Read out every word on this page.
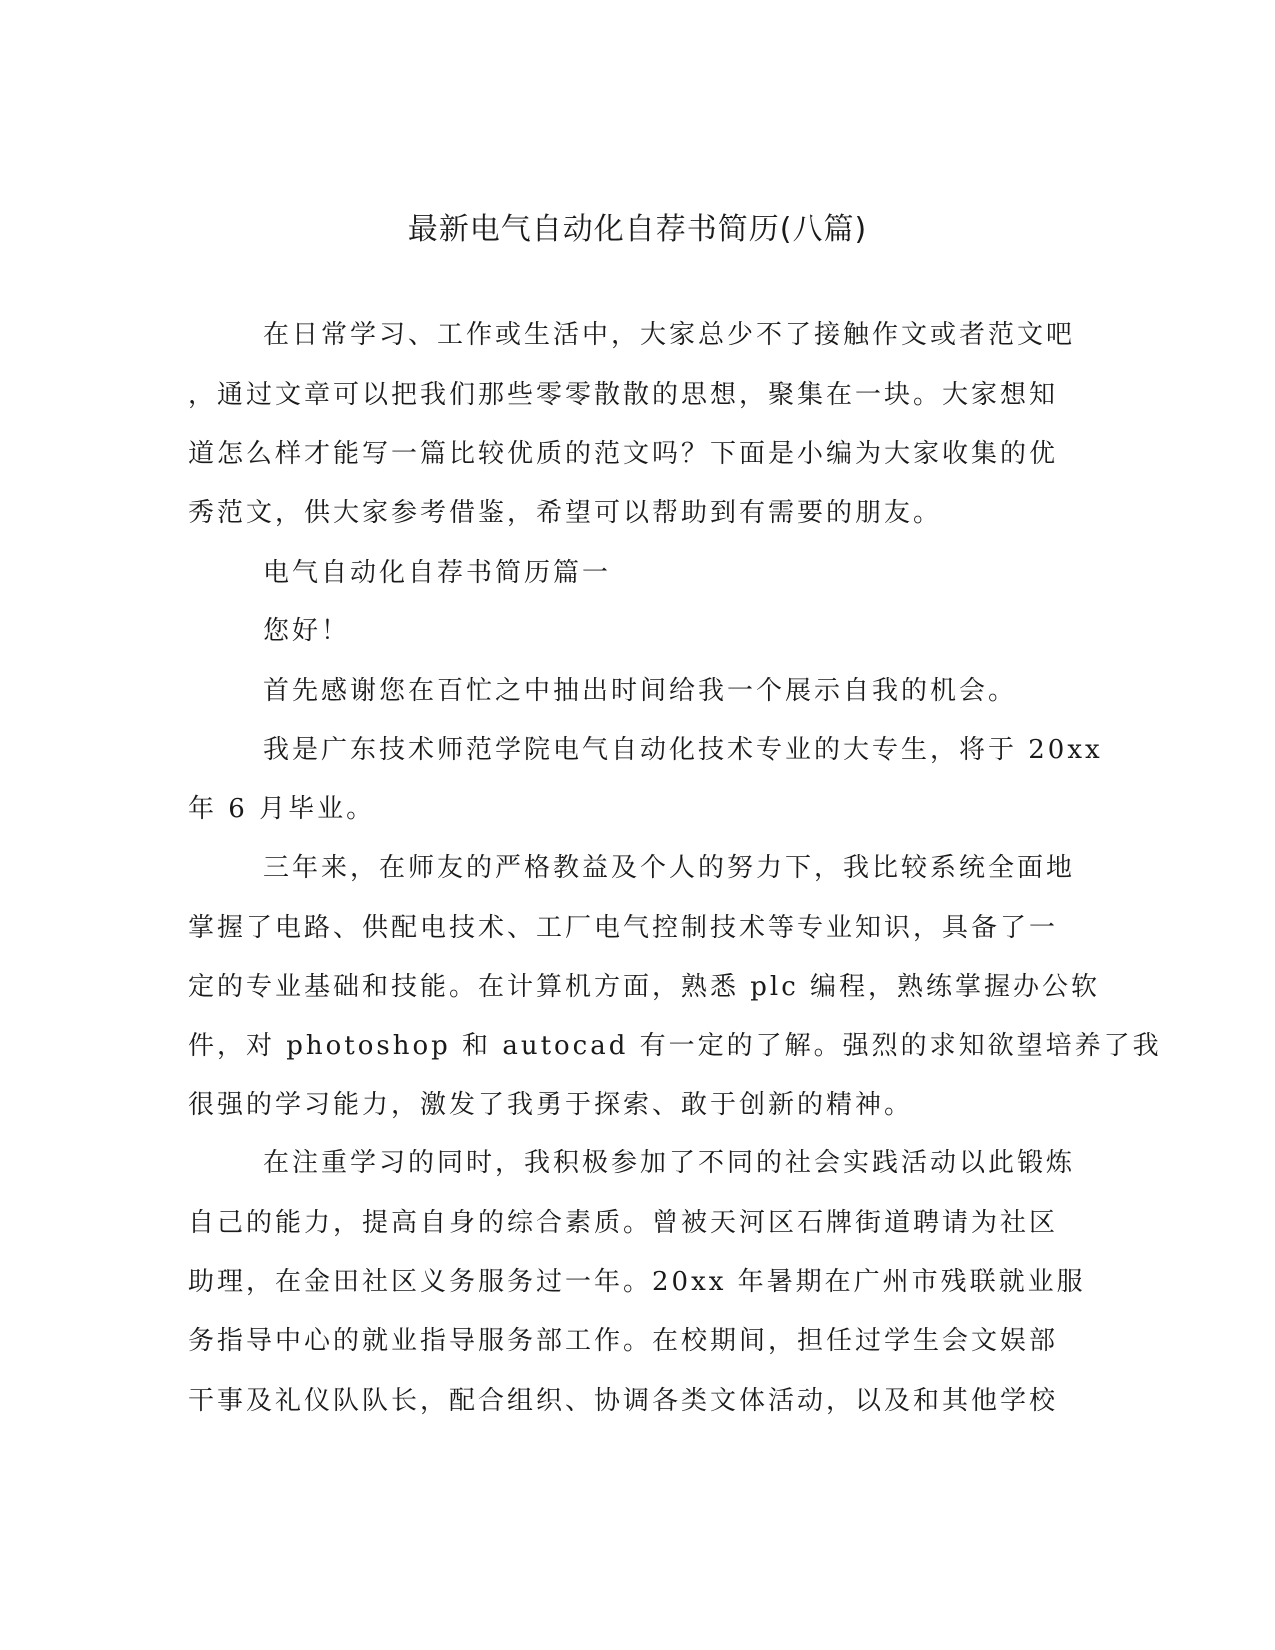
最新电气自动化自荐书简历(八篇)

在日常学习、工作或生活中，大家总少不了接触作文或者范文吧

，通过文章可以把我们那些零零散散的思想，聚集在一块。大家想知

道怎么样才能写一篇比较优质的范文吗？下面是小编为大家收集的优

秀范文，供大家参考借鉴，希望可以帮助到有需要的朋友。

电气自动化自荐书简历篇一

您好！

首先感谢您在百忙之中抽出时间给我一个展示自我的机会。

我是广东技术师范学院电气自动化技术专业的大专生，将于 20xx

年 6 月毕业。

三年来，在师友的严格教益及个人的努力下，我比较系统全面地

掌握了电路、供配电技术、工厂电气控制技术等专业知识，具备了一

定的专业基础和技能。在计算机方面，熟悉 plc 编程，熟练掌握办公软

件，对 photoshop 和 autocad 有一定的了解。强烈的求知欲望培养了我

很强的学习能力，激发了我勇于探索、敢于创新的精神。

在注重学习的同时，我积极参加了不同的社会实践活动以此锻炼

自己的能力，提高自身的综合素质。曾被天河区石牌街道聘请为社区

助理，在金田社区义务服务过一年。20xx 年暑期在广州市残联就业服

务指导中心的就业指导服务部工作。在校期间，担任过学生会文娱部

干事及礼仪队队长，配合组织、协调各类文体活动，以及和其他学校
